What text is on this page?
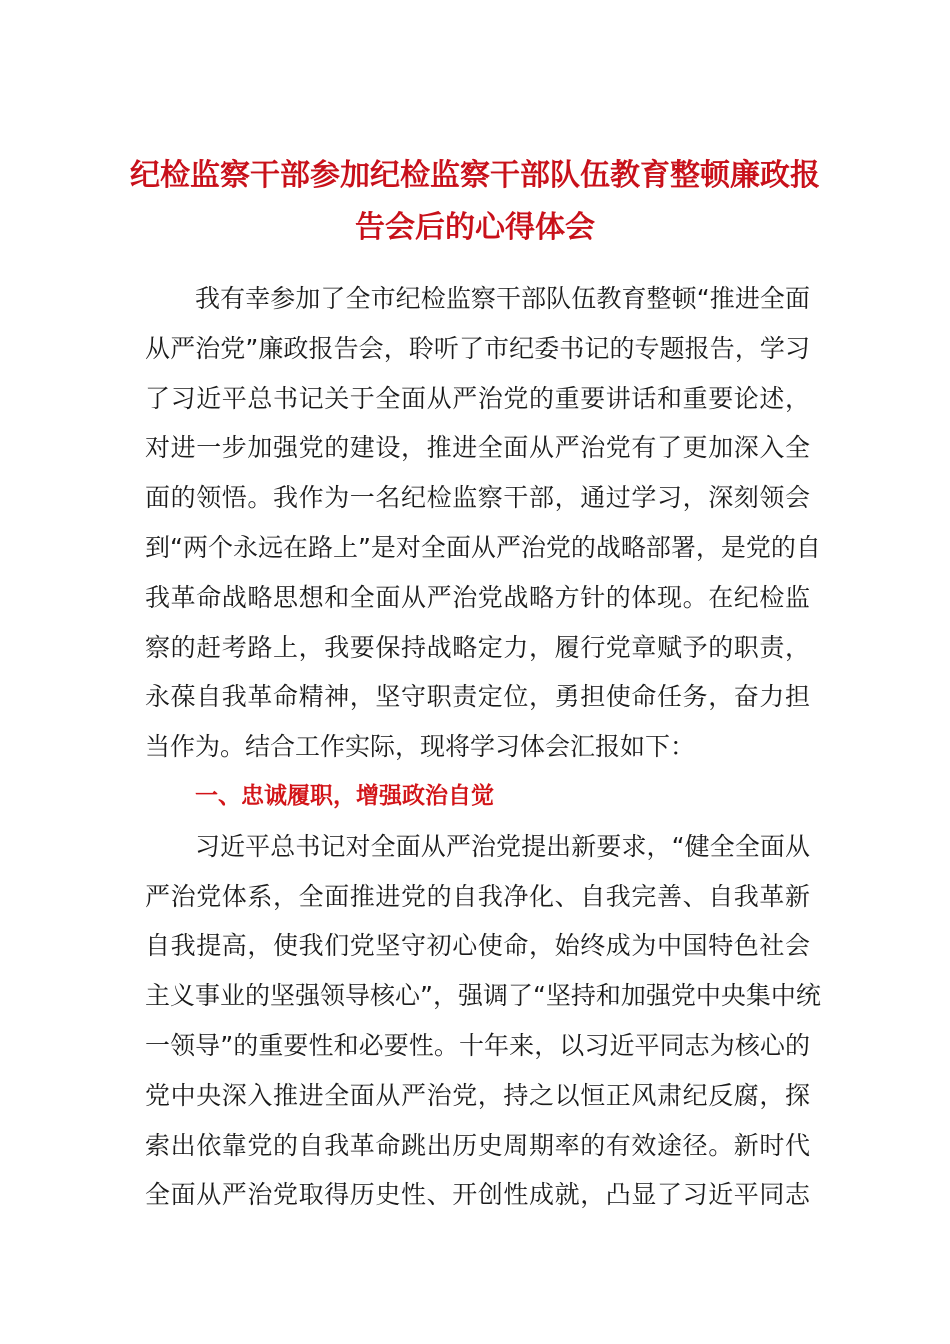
纪检监察干部参加纪检监察干部队伍教育整顿廉政报
告会后的心得体会
我有幸参加了全市纪检监察干部队伍教育整顿“推进全面
从严治党”廉政报告会，聆听了市纪委书记的专题报告，学习
了习近平总书记关于全面从严治党的重要讲话和重要论述，
对进一步加强党的建设，推进全面从严治党有了更加深入全
面的领悟。我作为一名纪检监察干部，通过学习，深刻领会
到“两个永远在路上”是对全面从严治党的战略部署，是党的自
我革命战略思想和全面从严治党战略方针的体现。在纪检监
察的赶考路上，我要保持战略定力，履行党章赋予的职责，
永葆自我革命精神，坚守职责定位，勇担使命任务，奋力担
当作为。结合工作实际，现将学习体会汇报如下：
一、忠诚履职，增强政治自觉
习近平总书记对全面从严治党提出新要求，“健全全面从
严治党体系，全面推进党的自我净化、自我完善、自我革新
自我提高，使我们党坚守初心使命，始终成为中国特色社会
主义事业的坚强领导核心”，强调了“坚持和加强党中央集中统
一领导”的重要性和必要性。十年来，以习近平同志为核心的
党中央深入推进全面从严治党，持之以恒正风肃纪反腐，探
索出依靠党的自我革命跳出历史周期率的有效途径。新时代
全面从严治党取得历史性、开创性成就，凸显了习近平同志
